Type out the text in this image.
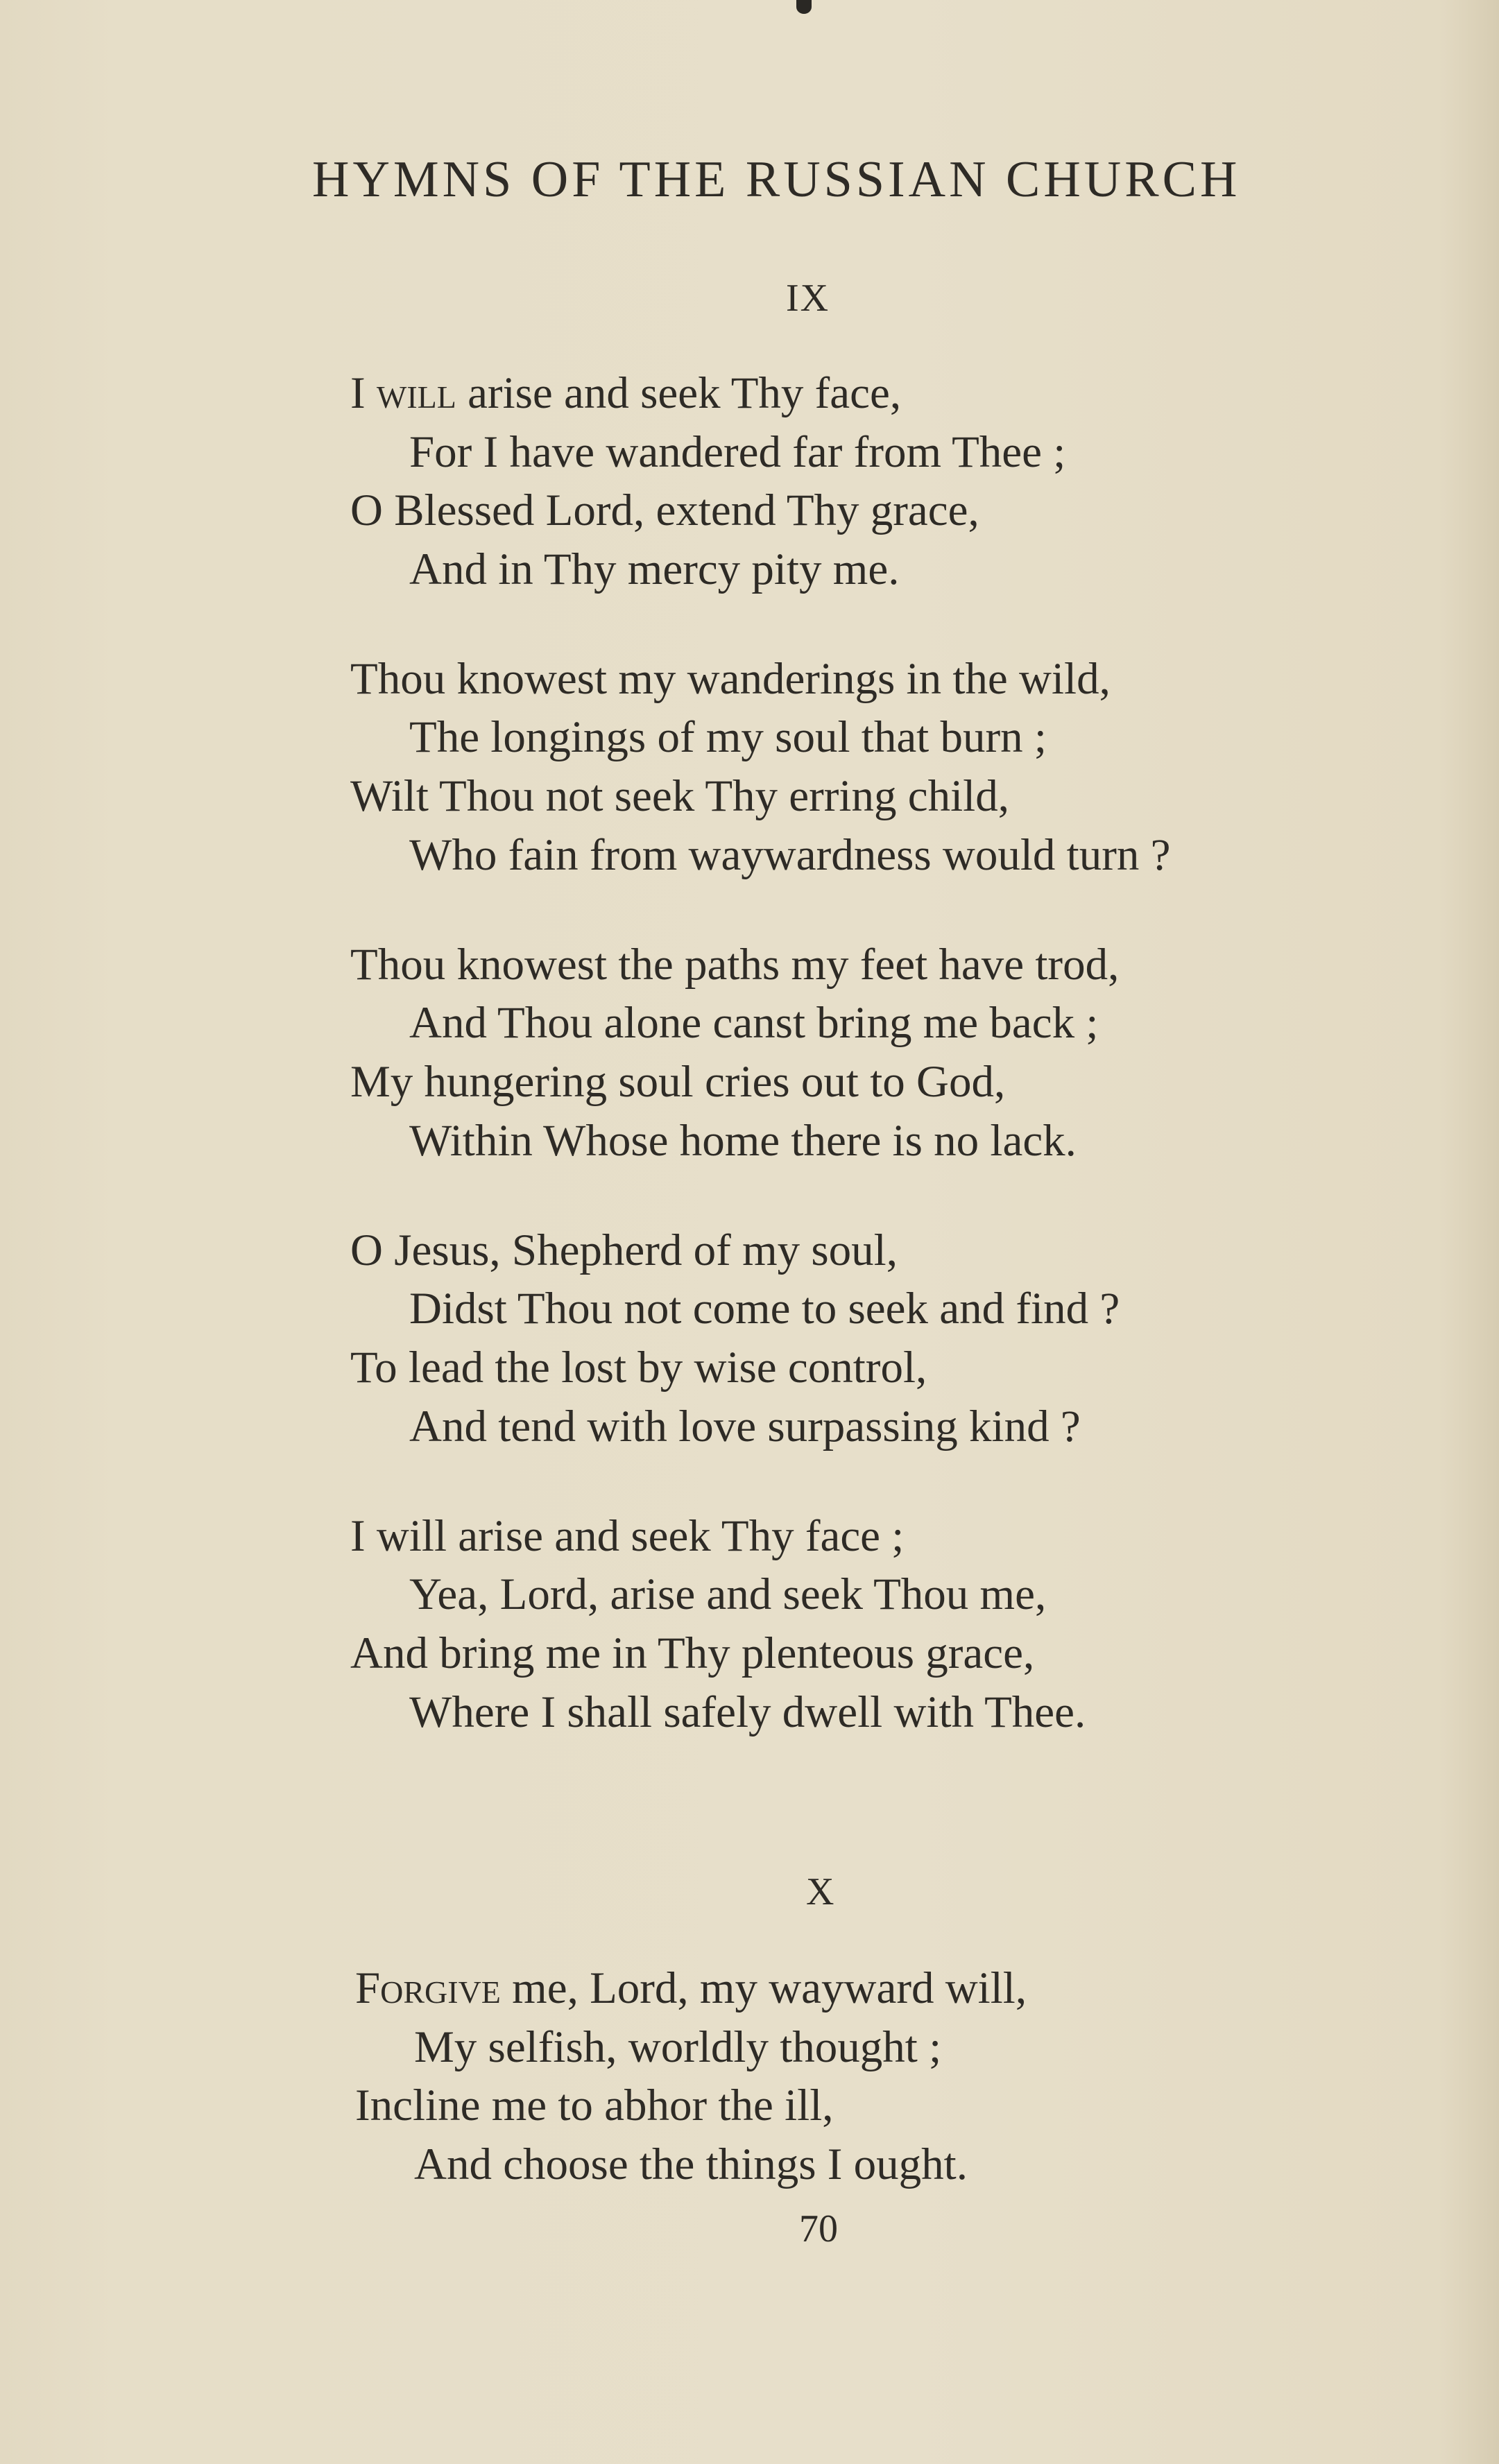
HYMNS OF THE RUSSIAN CHURCH
IX
I will arise and seek Thy face,
For I have wandered far from Thee ;
O Blessed Lord, extend Thy grace,
And in Thy mercy pity me.
Thou knowest my wanderings in the wild,
The longings of my soul that burn ;
Wilt Thou not seek Thy erring child,
Who fain from waywardness would turn ?
Thou knowest the paths my feet have trod,
And Thou alone canst bring me back ;
My hungering soul cries out to God,
Within Whose home there is no lack.
O Jesus, Shepherd of my soul,
Didst Thou not come to seek and find ?
To lead the lost by wise control,
And tend with love surpassing kind ?
I will arise and seek Thy face ;
Yea, Lord, arise and seek Thou me,
And bring me in Thy plenteous grace,
Where I shall safely dwell with Thee.
X
Forgive me, Lord, my wayward will,
My selfish, worldly thought ;
Incline me to abhor the ill,
And choose the things I ought.
70
